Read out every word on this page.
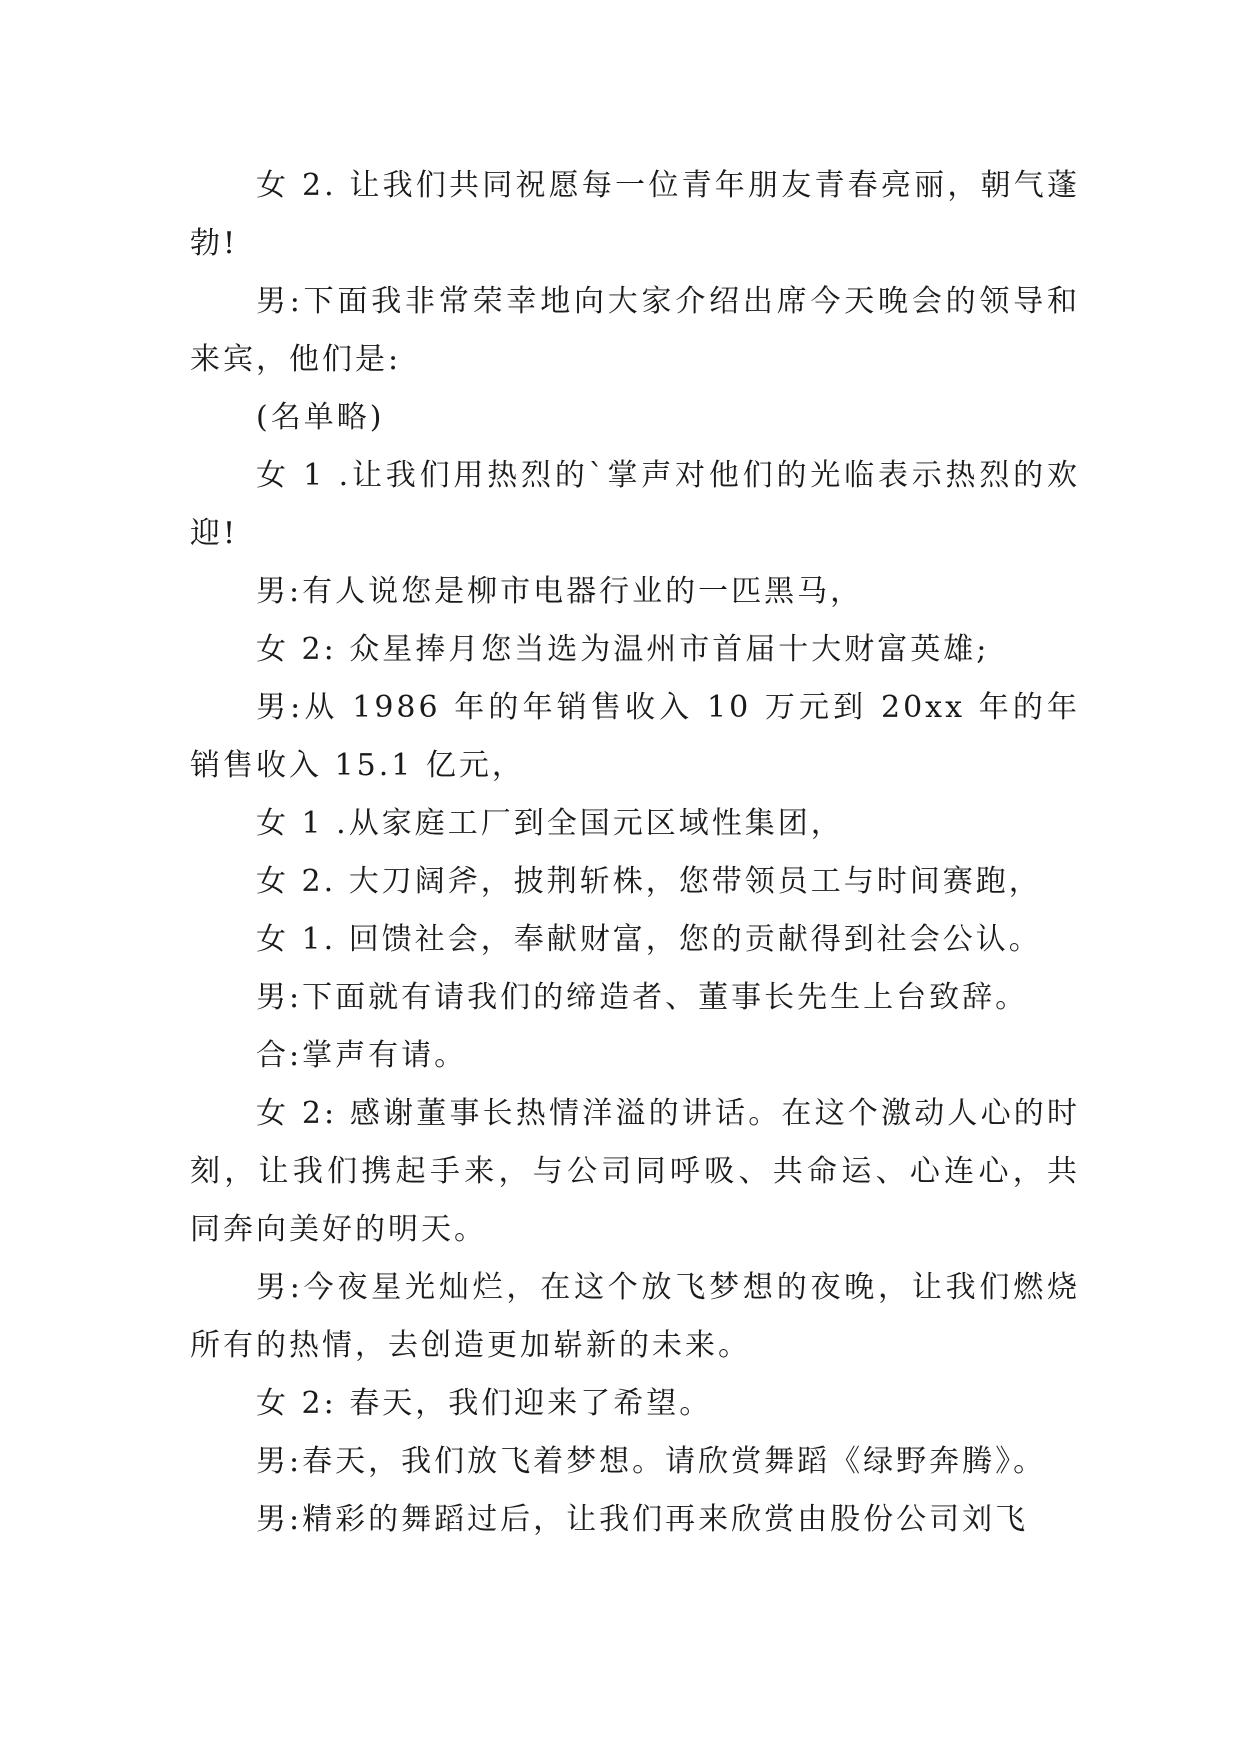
女 2. 让我们共同祝愿每一位青年朋友青春亮丽，朝气蓬勃!

男:下面我非常荣幸地向大家介绍出席今天晚会的领导和来宾，他们是:

(名单略)

女 1 .让我们用热烈的`掌声对他们的光临表示热烈的欢迎!

男:有人说您是柳市电器行业的一匹黑马，

女 2: 众星捧月您当选为温州市首届十大财富英雄;

男:从 1986 年的年销售收入 10 万元到 20xx 年的年销售收入 15.1 亿元，

女 1 .从家庭工厂到全国元区域性集团，

女 2. 大刀阔斧，披荆斩株，您带领员工与时间赛跑，

女 1. 回馈社会，奉献财富，您的贡献得到社会公认。

男:下面就有请我们的缔造者、董事长先生上台致辞。

合:掌声有请。

女 2: 感谢董事长热情洋溢的讲话。在这个激动人心的时刻，让我们携起手来，与公司同呼吸、共命运、心连心，共同奔向美好的明天。

男:今夜星光灿烂，在这个放飞梦想的夜晚，让我们燃烧所有的热情，去创造更加崭新的未来。

女 2: 春天，我们迎来了希望。

男:春天，我们放飞着梦想。请欣赏舞蹈《绿野奔腾》。

男:精彩的舞蹈过后，让我们再来欣赏由股份公司刘飞
